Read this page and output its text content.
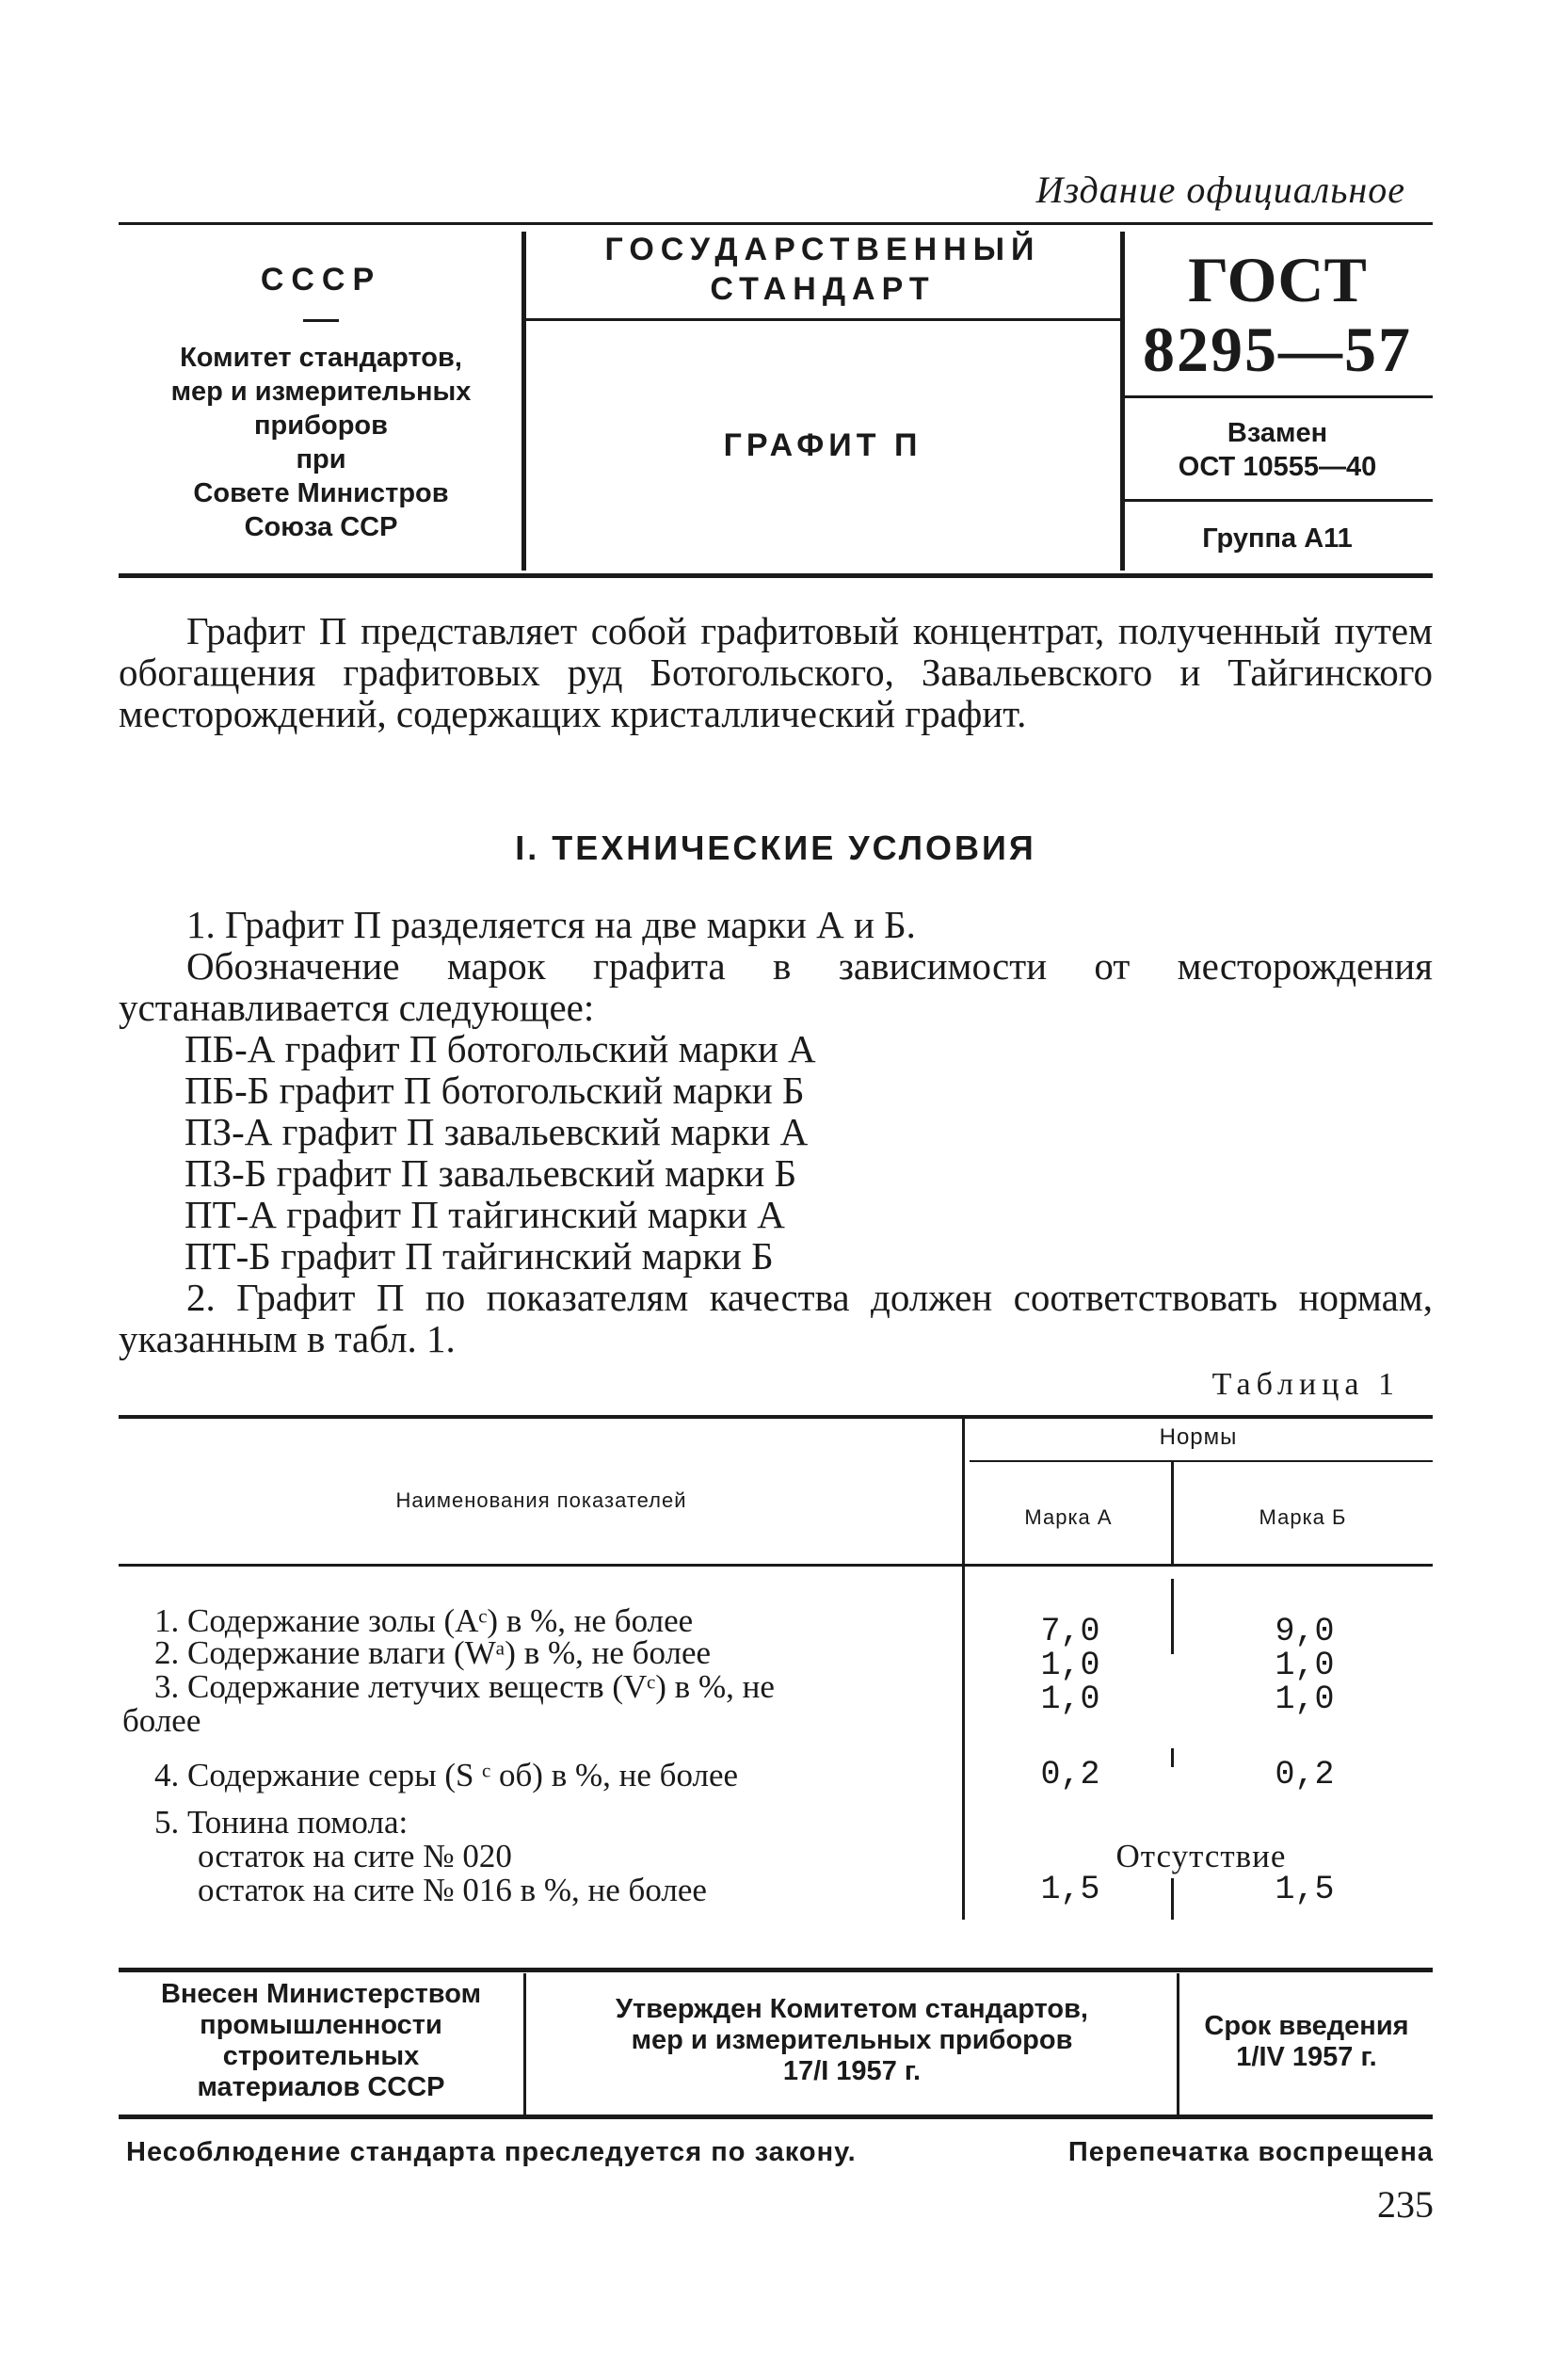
Издание официальное
СССР
Комитет стандартов,
мер и измерительных
приборов
при
Совете Министров
Союза ССР
ГОСУДАРСТВЕННЫЙ
СТАНДАРТ
ГРАФИТ П
ГОСТ
8295—57
Взамен
ОСТ 10555—40
Группа А11
Графит П представляет собой графитовый концентрат, полученный путем обогащения графитовых руд Ботогольского, Завальевского и Тайгинского месторождений, содержащих кристаллический графит.
I. ТЕХНИЧЕСКИЕ УСЛОВИЯ
1. Графит П разделяется на две марки А и Б.
Обозначение марок графита в зависимости от месторождения устанавливается следующее:
ПБ-А графит П ботогольский марки А
ПБ-Б графит П ботогольский марки Б
ПЗ-А графит П завальевский марки А
ПЗ-Б графит П завальевский марки Б
ПТ-А графит П тайгинский марки А
ПТ-Б графит П тайгинский марки Б
2. Графит П по показателям качества должен соответствовать нормам, указанным в табл. 1.
Таблица 1
Наименования показателей
Нормы
Марка А	Марка Б
1. Содержание золы (Aᶜ) в %, не более	7,0	9,0
2. Содержание влаги (Wᵃ) в %, не более	1,0	1,0
3. Содержание летучих веществ (Vᶜ) в %, не	1,0	1,0
более
4. Содержание серы (S ᶜ об) в %, не более	0,2	0,2
5. Тонина помола:
остаток на сите № 020	Отсутствие
остаток на сите № 016 в %, не более	1,5	1,5
Внесен Министерством
промышленности
строительных
материалов СССР
Утвержден Комитетом стандартов,
мер и измерительных приборов
17/I 1957 г.
Срок введения
1/IV 1957 г.
Несоблюдение стандарта преследуется по закону.	Перепечатка воспрещена
235
